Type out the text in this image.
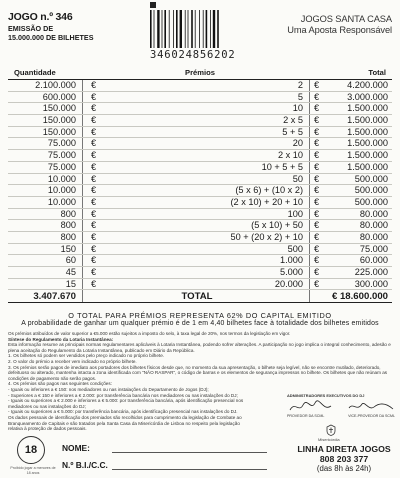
JOGO n.º 346
EMISSÃO DE
15.000.000 DE BILHETES
346024856202
JOGOS SANTA CASA
Uma Aposta Responsável
Quantidade	Prémios	Total
2.100.000	€	2 €	4.200.000
600.000	€	5 €	3.000.000
150.000	€	10 €	1.500.000
150.000	€	2 x 5 €	1.500.000
150.000	€	5 + 5 €	1.500.000
75.000	€	20 €	1.500.000
75.000	€	2 x 10 €	1.500.000
75.000	€	10 + 5 + 5 €	1.500.000
10.000	€	50 €	500.000
10.000	€	(5 x 6) + (10 x 2) €	500.000
10.000	€	(2 x 10) + 20 + 10 €	500.000
800	€	100 €	80.000
800	€	(5 x 10) + 50 €	80.000
800	€	50 + (20 x 2) + 10 €	80.000
150	€	500 €	75.000
60	€	1.000 €	60.000
45	€	5.000 €	225.000
15	€	20.000 €	300.000
3.407.670	TOTAL	€ 18.600.000
O TOTAL PARA PRÉMIOS REPRESENTA 62% DO CAPITAL EMITIDO
A probabilidade de ganhar um qualquer prémio é de 1 em 4,40 bilhetes face à totalidade dos bilhetes emitidos

Os prémios atribuídos de valor superior a €5.000 estão sujeitos a imposto do selo, à taxa legal de 20%, nos termos da legislação em vigor.

Síntese do Regulamento da Lotaria Instantânea:

Esta informação resume as principais normas regulamentares aplicáveis à Lotaria Instantânea, podendo sofrer alterações. A participação no jogo implica o integral conhecimento, adesão e plena aceitação do Regulamento da Lotaria Instantânea, publicado em Diário da República.

1. Os bilhetes só podem ser vendidos pelo preço indicado no próprio bilhete.

2. O valor do prémio a receber vem indicado no próprio bilhete.

3. Os prémios serão pagos de imediato aos portadores dos bilhetes físicos desde que, no momento da sua apresentação, o bilhete seja legível, não se encontre mutilado, deteriorado, defeituoso ou alterado, mantenha intacta a zona identificada com "NÃO RASPAR", o código de barras e os elementos de segurança impressos no bilhete. Os bilhetes que não reúnam as condições de pagamento não serão pagos.

4. Os prémios são pagos nas seguintes condições:

- Iguais ou inferiores a € 150: nos mediadores ou nas instalações do Departamento de Jogos (DJ);

- Superiores a € 150 e inferiores a € 2.000: por transferência bancária nos mediadores ou nas instalações do DJ;

- Iguais ou superiores a € 2.000 e inferiores a € 5.000: por transferência bancária, após identificação presencial nos mediadores ou nas instalações do DJ;

- Iguais ou superiores a € 5.000: por transferência bancária, após identificação presencial nas instalações do DJ.

Os dados pessoais de identificação dos premiados são recolhidos para cumprimento da legislação de Combate ao Branqueamento de Capitais e são tratados pela Santa Casa da Misericórdia de Lisboa no respeito pela legislação relativa à proteção de dados pessoais.

ADMINISTRADORES EXECUTIVOS DO DJ
PROVEDOR DA SCML	VICE-PROVEDOR DA SCML
Misericórdia
LINHA DIRETA JOGOS
808 203 377
(das 8h às 24h)
18
Proibido jogar a menores de 18 anos
NOME:
N.º B.I./C.C.
